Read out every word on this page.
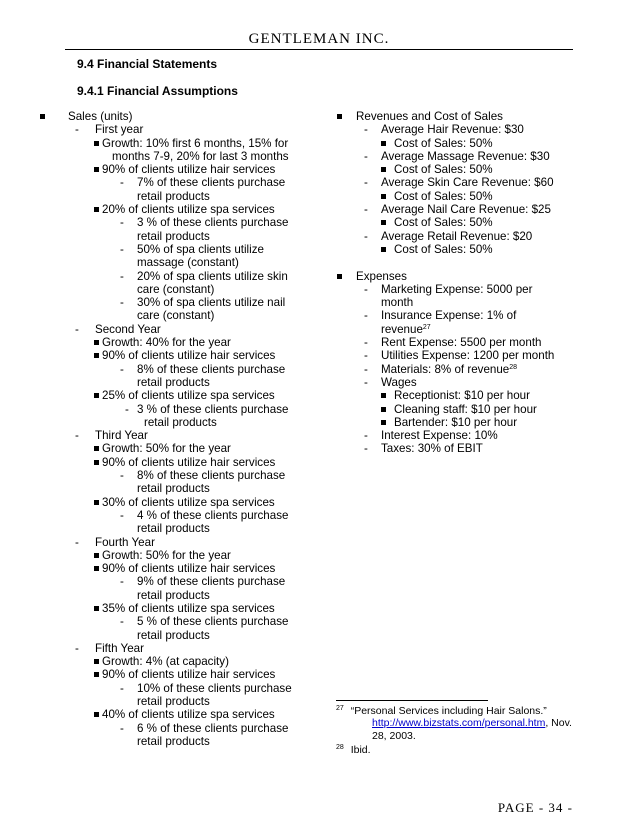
GENTLEMAN INC.
9.4 Financial Statements
9.4.1 Financial Assumptions
Sales (units)
- First year
Growth: 10% first 6 months, 15% for
months 7-9, 20% for last 3 months
90% of clients utilize hair services
- 7% of these clients purchase
retail products
20% of clients utilize spa services
- 3 % of these clients purchase
retail products
- 50% of spa clients utilize
massage (constant)
- 20% of spa clients utilize skin
care (constant)
- 30% of spa clients utilize nail
care (constant)
- Second Year
Growth: 40% for the year
90% of clients utilize hair services
- 8% of these clients purchase
retail products
25% of clients utilize spa services
- 3 % of these clients purchase
retail products
- Third Year
Growth: 50% for the year
90% of clients utilize hair services
- 8% of these clients purchase
retail products
30% of clients utilize spa services
- 4 % of these clients purchase
retail products
- Fourth Year
Growth: 50% for the year
90% of clients utilize hair services
- 9% of these clients purchase
retail products
35% of clients utilize spa services
- 5 % of these clients purchase
retail products
- Fifth Year
Growth: 4% (at capacity)
90% of clients utilize hair services
- 10% of these clients purchase
retail products
40% of clients utilize spa services
- 6 % of these clients purchase
retail products
Revenues and Cost of Sales
- Average Hair Revenue: $30
Cost of Sales: 50%
- Average Massage Revenue: $30
Cost of Sales: 50%
- Average Skin Care Revenue: $60
Cost of Sales: 50%
- Average Nail Care Revenue: $25
Cost of Sales: 50%
- Average Retail Revenue: $20
Cost of Sales: 50%
Expenses
- Marketing Expense: 5000 per
month
- Insurance Expense: 1% of
revenue$^{27}$
- Rent Expense: 5500 per month
- Utilities Expense: 1200 per month
- Materials: 8% of revenue$^{28}$
- Wages
Receptionist: $10 per hour
Cleaning staff: $10 per hour
Bartender: $10 per hour
- Interest Expense: 10%
- Taxes: 30% of EBIT
$^{27}$ “Personal Services including Hair Salons.”
http://www.bizstats.com/personal.htm, Nov.
28, 2003.
$^{28}$ Ibid.
PAGE - 34 -
